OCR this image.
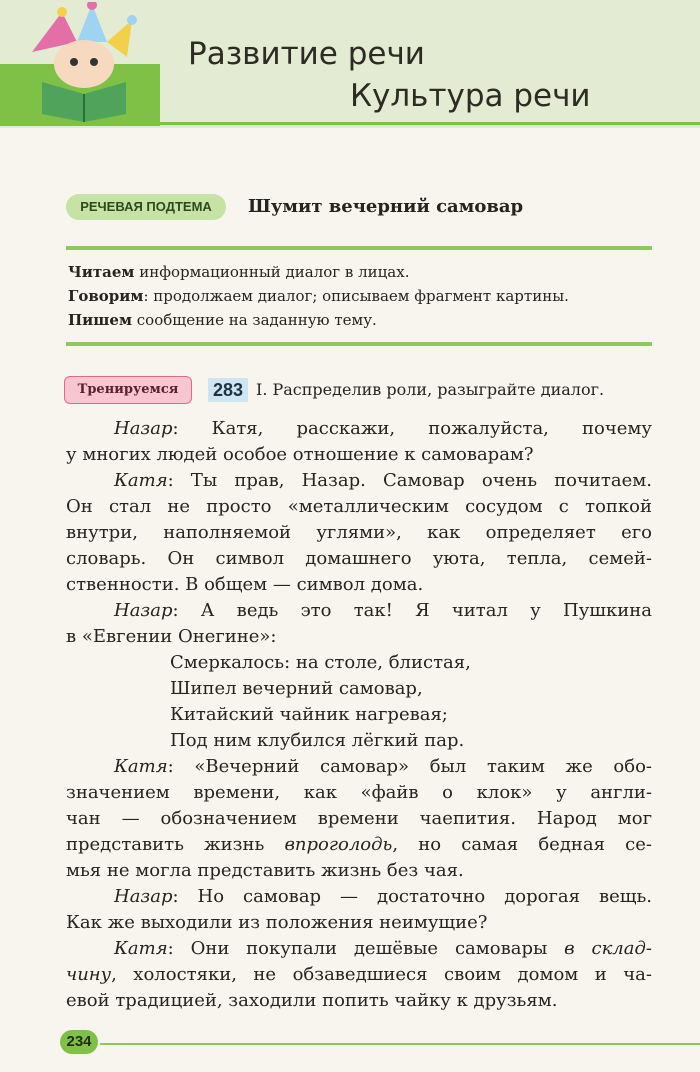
Развитие речи
Культура речи
РЕЧЕВАЯ ПОДТЕМА	Шумит вечерний самовар
Читаем информационный диалог в лицах.
Говорим: продолжаем диалог; описываем фрагмент картины.
Пишем сообщение на заданную тему.
Тренируемся	283 I. Распределив роли, разыграйте диалог.
Назар: Катя, расскажи, пожалуйста, почему
у многих людей особое отношение к самоварам?
Катя: Ты прав, Назар. Самовар очень почитаем.
Он стал не просто «металлическим сосудом с топкой
внутри, наполняемой углями», как определяет его
словарь. Он символ домашнего уюта, тепла, семей-
ственности. В общем — символ дома.
Назар: А ведь это так! Я читал у Пушкина
в «Евгении Онегине»:
Смеркалось: на столе, блистая,
Шипел вечерний самовар,
Китайский чайник нагревая;
Под ним клубился лёгкий пар.
Катя: «Вечерний самовар» был таким же обо-
значением времени, как «файв о клок» у англи-
чан — обозначением времени чаепития. Народ мог
представить жизнь впроголодь, но самая бедная се-
мья не могла представить жизнь без чая.
Назар: Но самовар — достаточно дорогая вещь.
Как же выходили из положения неимущие?
Катя: Они покупали дешёвые самовары в склад-
чину, холостяки, не обзаведшиеся своим домом и ча-
евой традицией, заходили попить чайку к друзьям.
234
